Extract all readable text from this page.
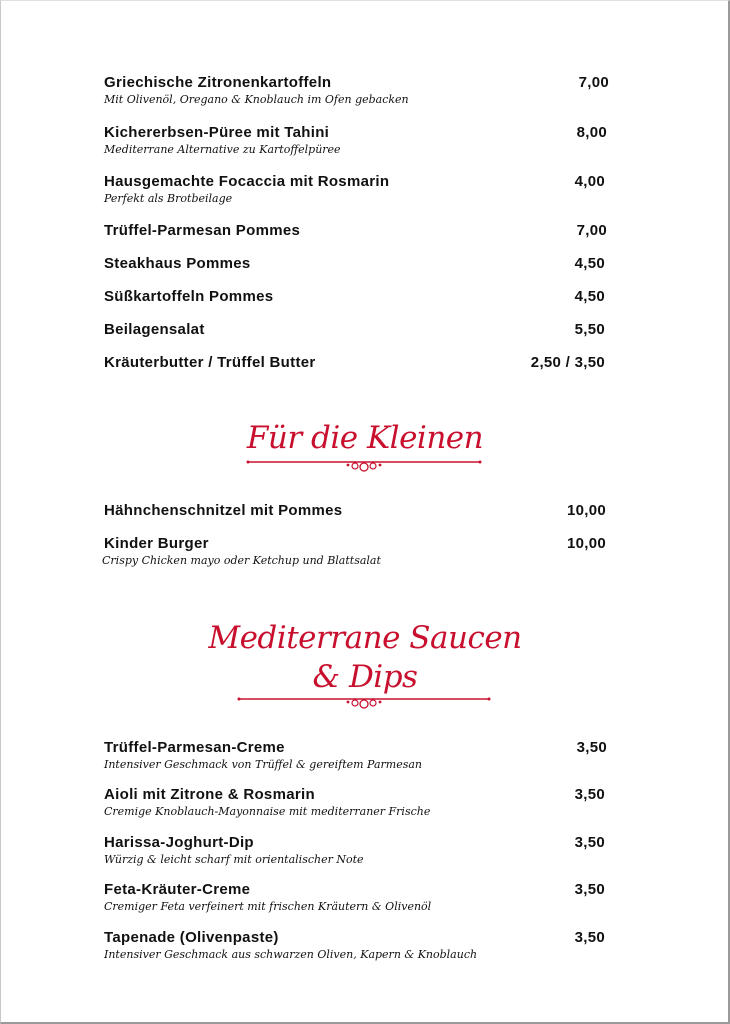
Griechische Zitronenkartoffeln	7,00
Mit Olivenöl, Oregano & Knoblauch im Ofen gebacken
Kichererbsen-Püree mit Tahini	8,00
Mediterrane Alternative zu Kartoffelpüree
Hausgemachte Focaccia mit Rosmarin	4,00
Perfekt als Brotbeilage
Trüffel-Parmesan Pommes	7,00
Steakhaus Pommes	4,50
Süßkartoffeln Pommes	4,50
Beilagensalat	5,50
Kräuterbutter / Trüffel Butter	2,50 / 3,50
Für die Kleinen
Hähnchenschnitzel mit Pommes	10,00
Kinder Burger	10,00
Crispy Chicken mayo oder Ketchup und Blattsalat
Mediterrane Saucen
& Dips
Trüffel-Parmesan-Creme	3,50
Intensiver Geschmack von Trüffel & gereiftem Parmesan
Aioli mit Zitrone & Rosmarin	3,50
Cremige Knoblauch-Mayonnaise mit mediterraner Frische
Harissa-Joghurt-Dip	3,50
Würzig & leicht scharf mit orientalischer Note
Feta-Kräuter-Creme	3,50
Cremiger Feta verfeinert mit frischen Kräutern & Olivenöl
Tapenade (Olivenpaste)	3,50
Intensiver Geschmack aus schwarzen Oliven, Kapern & Knoblauch
